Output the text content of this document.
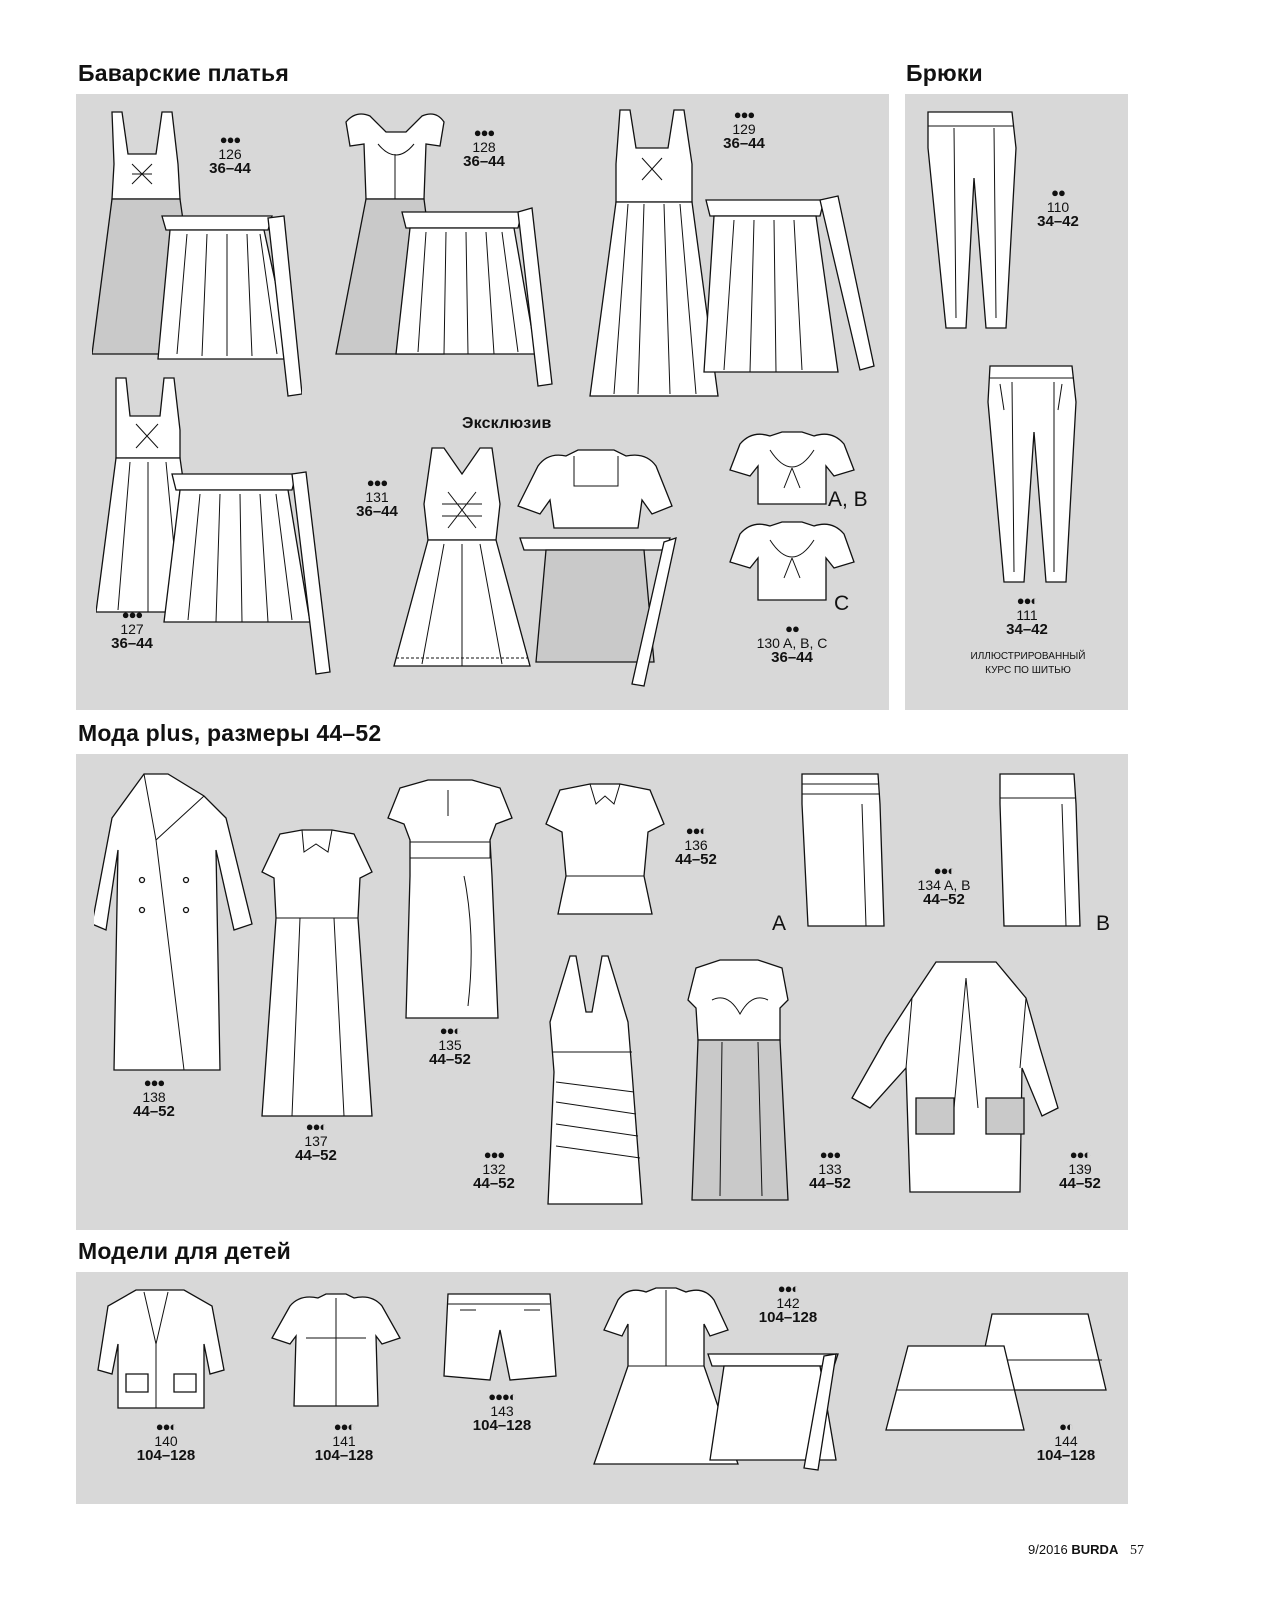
Баварские платья	Брюки
Мода plus, размеры 44–52
Модели для детей
●●●
126
36–44
●●●
128
36–44
●●●
129
36–44
●●●
127
36–44
Эксклюзив
●●●
131
36–44
A, B
C
●●
130 A, B, C
36–44
●●
110
34–42
●●◐
111
34–42
ИЛЛЮСТРИРОВАННЫЙ
КУРС ПО ШИТЬЮ
●●●
138
44–52
●●◐
137
44–52
●●◐
135
44–52
●●◐
136
44–52
A
●●◐
134 A, B
44–52
B
●●●
132
44–52
●●●
133
44–52
●●◐
139
44–52
●●◐
140
104–128
●●◐
141
104–128
●●●◐
143
104–128
●●◐
142
104–128
●◐
144
104–128
9/2016 BURDA 57
